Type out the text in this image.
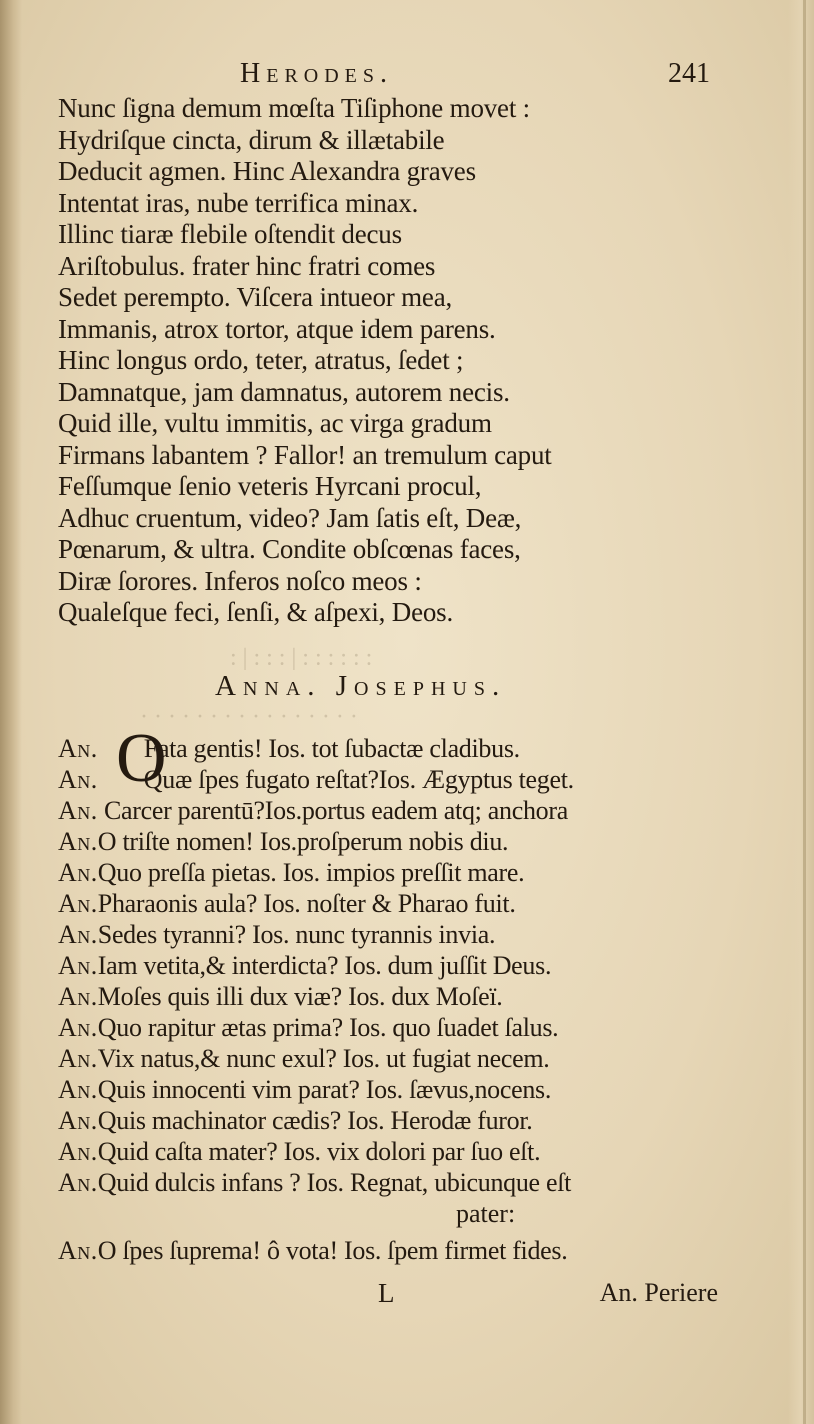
: | : : : | : : : : : :
· · · · · · · · · · · · · · · ·
Herodes.	241
Nunc ſigna demum mœſta Tiſiphone movet :
Hydriſque cincta, dirum & illætabile
Deducit agmen. Hinc Alexandra graves
Intentat iras, nube terrifica minax.
Illinc tiaræ flebile oſtendit decus
Ariſtobulus. frater hinc fratri comes
Sedet perempto. Viſcera intueor mea,
Immanis, atrox tortor, atque idem parens.
Hinc longus ordo, teter, atratus, ſedet ;
Damnatque, jam damnatus, autorem necis.
Quid ille, vultu immitis, ac virga gradum
Firmans labantem ? Fallor! an tremulum caput
Feſſumque ſenio veteris Hyrcani procul,
Adhuc cruentum, video? Jam ſatis eſt, Deæ,
Pœnarum, & ultra. Condite obſcœnas faces,
Diræ ſorores. Inferos noſco meos :
Qualeſque feci, ſenſi, & aſpexi, Deos.
Anna. Josephus.
O
An. Fata gentis! Ios. tot ſubactæ cladibus.
An. Quæ ſpes fugato reſtat?Ios. Ægyptus teget.
An. Carcer parentū?Ios.portus eadem atq; anchora
An.O triſte nomen! Ios.proſperum nobis diu.
An.Quo preſſa pietas. Ios. impios preſſit mare.
An.Pharaonis aula? Ios. noſter & Pharao fuit.
An.Sedes tyranni? Ios. nunc tyrannis invia.
An.Iam vetita,& interdicta? Ios. dum juſſit Deus.
An.Moſes quis illi dux viæ? Ios. dux Moſeï.
An.Quo rapitur ætas prima? Ios. quo ſuadet ſalus.
An.Vix natus,& nunc exul? Ios. ut fugiat necem.
An.Quis innocenti vim parat? Ios. ſævus,nocens.
An.Quis machinator cædis? Ios. Herodæ furor.
An.Quid caſta mater? Ios. vix dolori par ſuo eſt.
An.Quid dulcis infans ? Ios. Regnat, ubicunque eſt
pater:
An.O ſpes ſuprema! ô vota! Ios. ſpem firmet fides.
L	An. Periere
